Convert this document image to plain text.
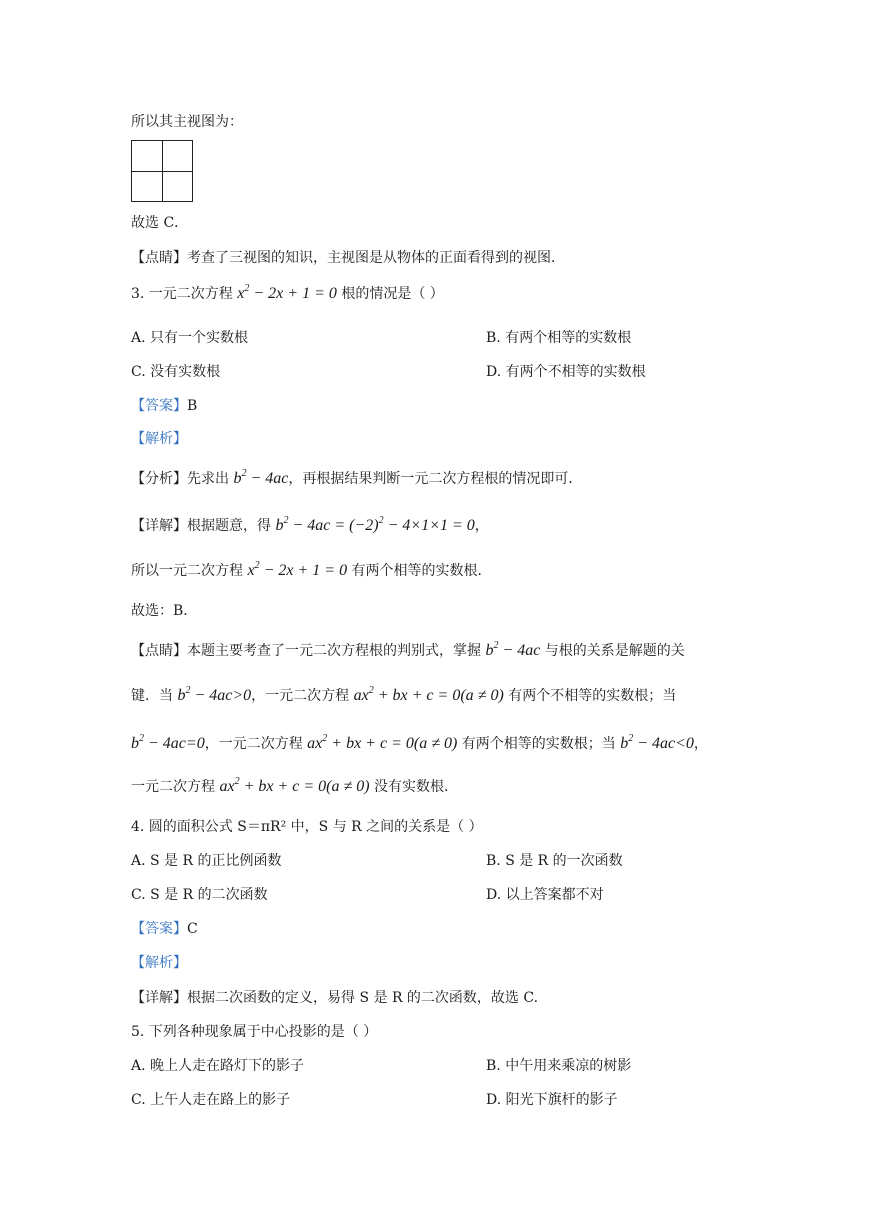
所以其主视图为：
故选 C．
【点睛】考查了三视图的知识，主视图是从物体的正面看得到的视图．
3. 一元二次方程 $x^2 - 2x + 1 = 0$ 根的情况是（ ）
A. 只有一个实数根	B. 有两个相等的实数根
C. 没有实数根	D. 有两个不相等的实数根
【答案】B
【解析】
【分析】先求出 $b^2 - 4ac$，再根据结果判断一元二次方程根的情况即可．
【详解】根据题意，得 $b^2 - 4ac = (-2)^2 - 4\times 1\times 1 = 0$，
所以一元二次方程 $x^2 - 2x + 1 = 0$ 有两个相等的实数根．
故选：B．
【点睛】本题主要考查了一元二次方程根的判别式，掌握 $b^2 - 4ac$ 与根的关系是解题的关
键．当 $b^2 - 4ac>0$，一元二次方程 $ax^2$ + bx + c = 0(a ≠ 0) 有两个不相等的实数根；当
$b^2 - 4ac=0$，一元二次方程 $ax^2$ + bx + c = 0(a ≠ 0) 有两个相等的实数根；当 $b^2 - 4ac<0$，
一元二次方程 $ax^2$ + bx + c = 0(a ≠ 0) 没有实数根．
4. 圆的面积公式 S＝πR² 中，S 与 R 之间的关系是（ ）
A. S 是 R 的正比例函数	B. S 是 R 的一次函数
C. S 是 R 的二次函数	D. 以上答案都不对
【答案】C
【解析】
【详解】根据二次函数的定义，易得 S 是 R 的二次函数，故选 C.
5. 下列各种现象属于中心投影的是（ ）
A. 晚上人走在路灯下的影子	B. 中午用来乘凉的树影
C. 上午人走在路上的影子	D. 阳光下旗杆的影子
